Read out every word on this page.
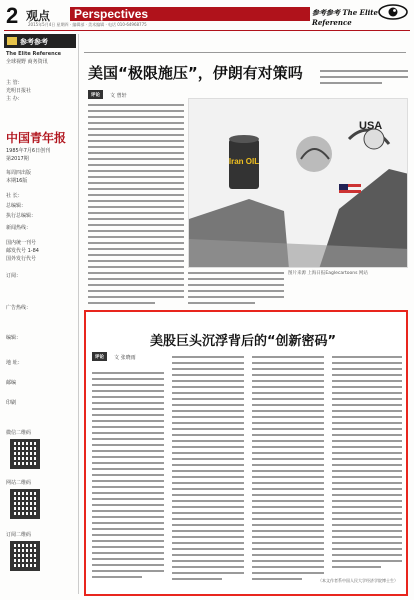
2 观点 Perspectives	参考参考 The Elite Reference
2015年5月4日 星期四 · 编辑部 · 美术编辑 · 电话 010-64968775
参考参考
The Elite Reference
全球视野 商务资讯
主 管：
光明日报社
主 办：
中国青年报
1985年7月6日创刊
第2017期
每周四出版
本期16版
社 长：
总编辑：
执行总编辑：
新闻热线：
国内统一刊号
邮发代号 1-84
国外发行代号
订阅：
广告热线：
编辑：
地 址：
邮编
印刷
微信二维码
网站二维码
订阅二维码
美国“极限施压”，伊朗有对策吗
评论	文 曾轩
Iran OIL
USA
图片来源 上海日报Eaglecartoons 网站
美股巨头沉浮背后的“创新密码”
评论	文 张晓雨
（本文作者系中国人民大学经济学院博士生）
